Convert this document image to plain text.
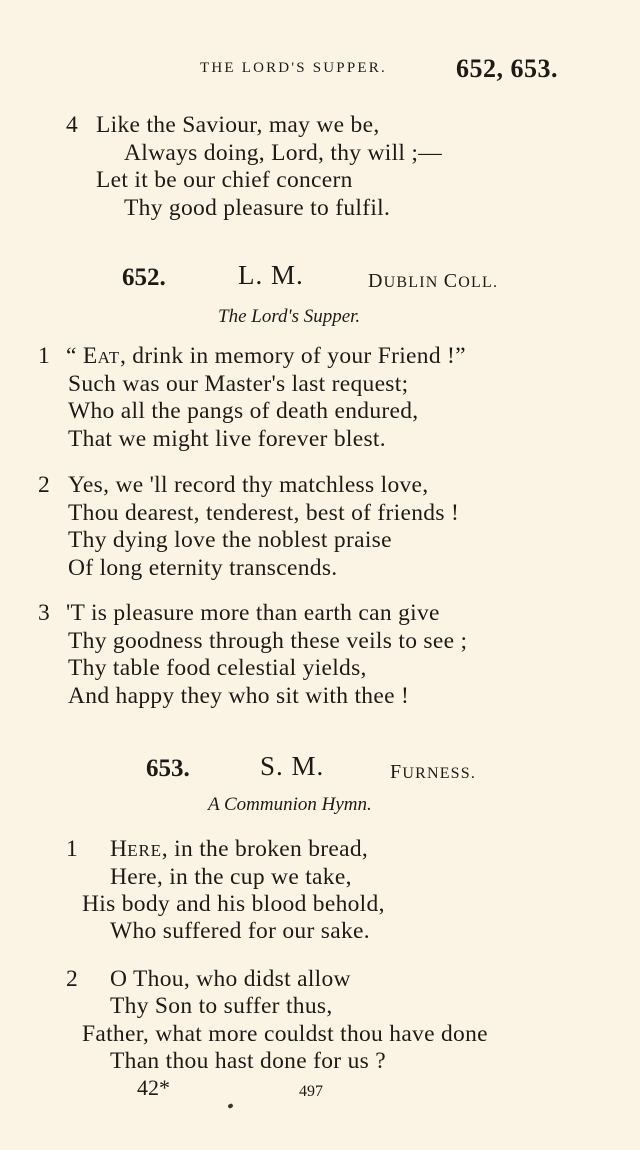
THE LORD'S SUPPER.	652, 653.
4 Like the Saviour, may we be,
Always doing, Lord, thy will ;—
Let it be our chief concern
Thy good pleasure to fulfil.
652.	L. M.	DUBLIN COLL.
The Lord's Supper.
1 “ EAT, drink in memory of your Friend !”
Such was our Master's last request;
Who all the pangs of death endured,
That we might live forever blest.
2 Yes, we 'll record thy matchless love,
Thou dearest, tenderest, best of friends !
Thy dying love the noblest praise
Of long eternity transcends.
3 'T is pleasure more than earth can give
Thy goodness through these veils to see ;
Thy table food celestial yields,
And happy they who sit with thee !
653.	S. M.	FURNESS.
A Communion Hymn.
1 HERE, in the broken bread,
Here, in the cup we take,
His body and his blood behold,
Who suffered for our sake.
2 O Thou, who didst allow
Thy Son to suffer thus,
Father, what more couldst thou have done
Than thou hast done for us ?
42*	497
